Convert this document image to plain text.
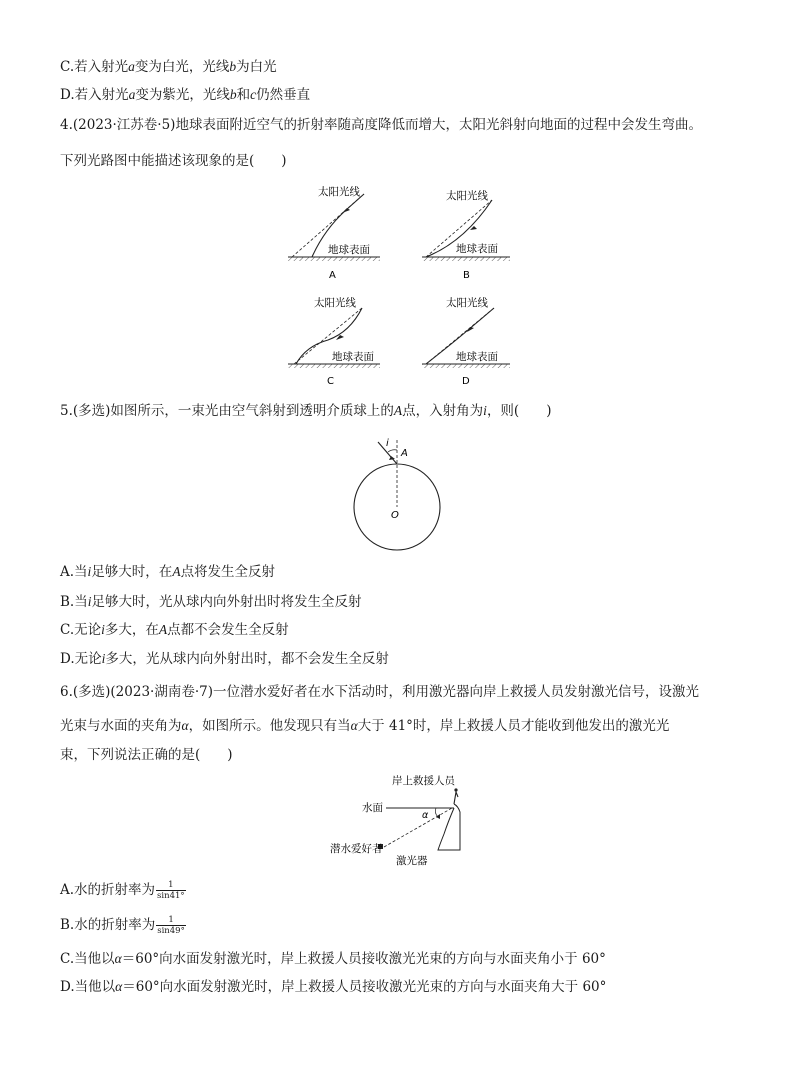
C.若入射光a变为白光，光线b为白光
D.若入射光a变为紫光，光线b和c仍然垂直
4.(2023·江苏卷·5)地球表面附近空气的折射率随高度降低而增大，太阳光斜射向地面的过程中会发生弯曲。
下列光路图中能描述该现象的是(　　)
太阳光线
地球表面
A
太阳光线
地球表面
B
太阳光线
地球表面
C
太阳光线
地球表面
D
5.(多选)如图所示，一束光由空气斜射到透明介质球上的A点，入射角为i，则(　　)
i
A
O
A.当i足够大时，在A点将发生全反射
B.当i足够大时，光从球内向外射出时将发生全反射
C.无论i多大，在A点都不会发生全反射
D.无论i多大，光从球内向外射出时，都不会发生全反射
6.(多选)(2023·湖南卷·7)一位潜水爱好者在水下活动时，利用激光器向岸上救援人员发射激光信号，设激光
光束与水面的夹角为α，如图所示。他发现只有当α大于 41°时，岸上救援人员才能收到他发出的激光光
束，下列说法正确的是(　　)
岸上救援人员
水面
α
潜水爱好者
激光器
A.水的折射率为 $\frac{1}{\sin 41^\circ}$
B.水的折射率为 $\frac{1}{\sin 49^\circ}$
C.当他以α＝60°向水面发射激光时，岸上救援人员接收激光光束的方向与水面夹角小于 60°
D.当他以α＝60°向水面发射激光时，岸上救援人员接收激光光束的方向与水面夹角大于 60°
